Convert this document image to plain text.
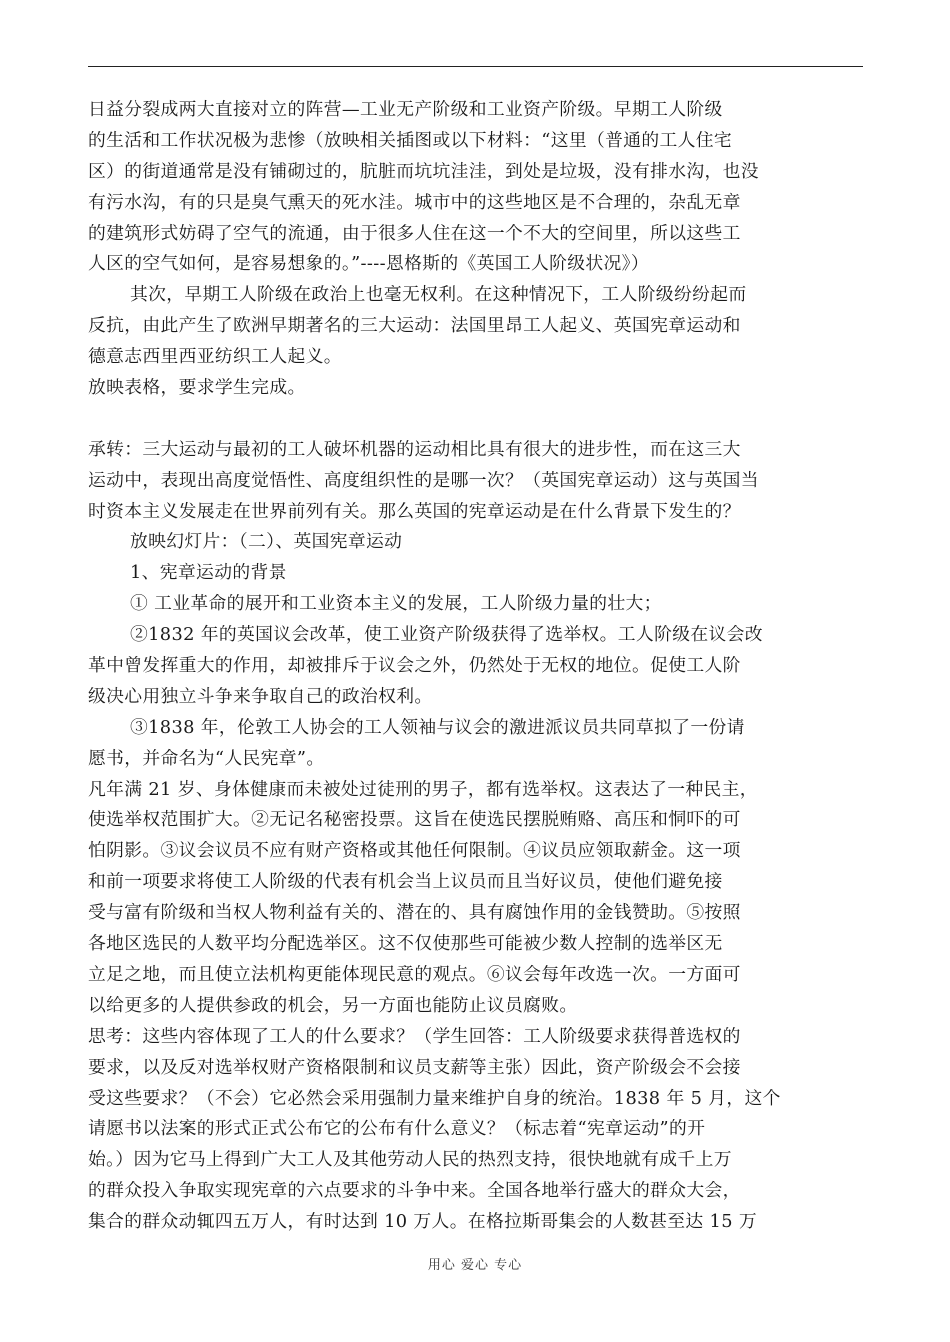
日益分裂成两大直接对立的阵营—工业无产阶级和工业资产阶级。早期工人阶级
的生活和工作状况极为悲惨（放映相关插图或以下材料：“这里（普通的工人住宅
区）的街道通常是没有铺砌过的，肮脏而坑坑洼洼，到处是垃圾，没有排水沟，也没
有污水沟，有的只是臭气熏天的死水洼。城市中的这些地区是不合理的，杂乱无章
的建筑形式妨碍了空气的流通，由于很多人住在这一个不大的空间里，所以这些工
人区的空气如何，是容易想象的。”----恩格斯的《英国工人阶级状况》）
其次，早期工人阶级在政治上也毫无权利。在这种情况下，工人阶级纷纷起而
反抗，由此产生了欧洲早期著名的三大运动：法国里昂工人起义、英国宪章运动和
德意志西里西亚纺织工人起义。
放映表格，要求学生完成。
承转：三大运动与最初的工人破坏机器的运动相比具有很大的进步性，而在这三大
运动中，表现出高度觉悟性、高度组织性的是哪一次？（英国宪章运动）这与英国当
时资本主义发展走在世界前列有关。那么英国的宪章运动是在什么背景下发生的？
放映幻灯片：（二）、英国宪章运动
1、宪章运动的背景
① 工业革命的展开和工业资本主义的发展，工人阶级力量的壮大；
②1832 年的英国议会改革，使工业资产阶级获得了选举权。工人阶级在议会改
革中曾发挥重大的作用，却被排斥于议会之外，仍然处于无权的地位。促使工人阶
级决心用独立斗争来争取自己的政治权利。
③1838 年，伦敦工人协会的工人领袖与议会的激进派议员共同草拟了一份请
愿书，并命名为“人民宪章”。
凡年满 21 岁、身体健康而未被处过徒刑的男子，都有选举权。这表达了一种民主，
使选举权范围扩大。②无记名秘密投票。这旨在使选民摆脱贿赂、高压和恫吓的可
怕阴影。③议会议员不应有财产资格或其他任何限制。④议员应领取薪金。这一项
和前一项要求将使工人阶级的代表有机会当上议员而且当好议员，使他们避免接
受与富有阶级和当权人物利益有关的、潜在的、具有腐蚀作用的金钱赞助。⑤按照
各地区选民的人数平均分配选举区。这不仅使那些可能被少数人控制的选举区无
立足之地，而且使立法机构更能体现民意的观点。⑥议会每年改选一次。一方面可
以给更多的人提供参政的机会，另一方面也能防止议员腐败。
思考：这些内容体现了工人的什么要求？（学生回答：工人阶级要求获得普选权的
要求，以及反对选举权财产资格限制和议员支薪等主张）因此，资产阶级会不会接
受这些要求？（不会）它必然会采用强制力量来维护自身的统治。1838 年 5 月，这个
请愿书以法案的形式正式公布它的公布有什么意义？（标志着“宪章运动”的开
始。）因为它马上得到广大工人及其他劳动人民的热烈支持，很快地就有成千上万
的群众投入争取实现宪章的六点要求的斗争中来。全国各地举行盛大的群众大会，
集合的群众动辄四五万人，有时达到 10 万人。在格拉斯哥集会的人数甚至达 15 万
用心 爱心 专心
